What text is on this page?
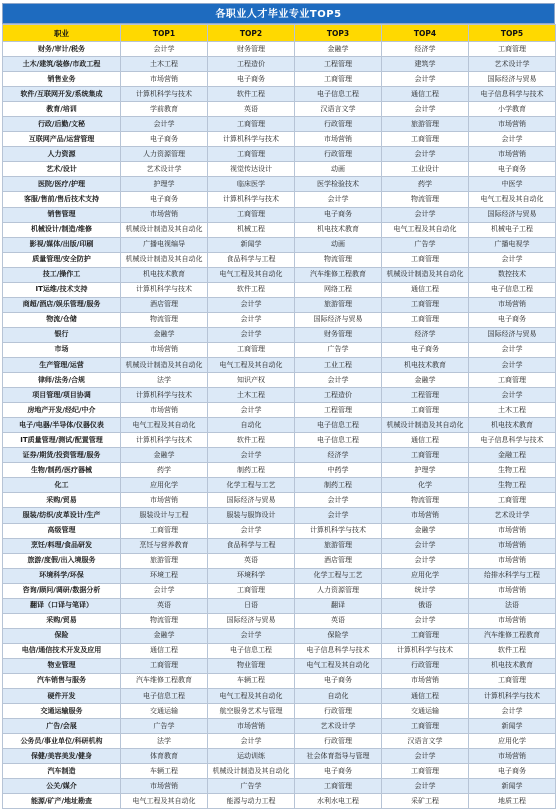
各职业人才毕业专业TOP5
职业	TOP1	TOP2	TOP3	TOP4	TOP5
财务/审计/税务	会计学	财务管理	金融学	经济学	工商管理
土木/建筑/装修/市政工程	土木工程	工程造价	工程管理	建筑学	艺术设计学
销售业务	市场营销	电子商务	工商管理	会计学	国际经济与贸易
软件/互联网开发/系统集成	计算机科学与技术	软件工程	电子信息工程	通信工程	电子信息科学与技术
教育/培训	学前教育	英语	汉语言文学	会计学	小学教育
行政/后勤/文秘	会计学	工商管理	行政管理	旅游管理	市场营销
互联网产品/运营管理	电子商务	计算机科学与技术	市场营销	工商管理	会计学
人力资源	人力资源管理	工商管理	行政管理	会计学	市场营销
艺术/设计	艺术设计学	视觉传达设计	动画	工业设计	电子商务
医院/医疗/护理	护理学	临床医学	医学检验技术	药学	中医学
客服/售前/售后技术支持	电子商务	计算机科学与技术	会计学	物流管理	电气工程及其自动化
销售管理	市场营销	工商管理	电子商务	会计学	国际经济与贸易
机械设计/制造/维修	机械设计制造及其自动化	机械工程	机电技术教育	电气工程及其自动化	机械电子工程
影视/媒体/出版/印刷	广播电视编导	新闻学	动画	广告学	广播电视学
质量管理/安全防护	机械设计制造及其自动化	食品科学与工程	物流管理	工商管理	会计学
技工/操作工	机电技术教育	电气工程及其自动化	汽车维修工程教育	机械设计制造及其自动化	数控技术
IT运维/技术支持	计算机科学与技术	软件工程	网络工程	通信工程	电子信息工程
商超/酒店/娱乐管理/服务	酒店管理	会计学	旅游管理	工商管理	市场营销
物流/仓储	物流管理	会计学	国际经济与贸易	工商管理	电子商务
银行	金融学	会计学	财务管理	经济学	国际经济与贸易
市场	市场营销	工商管理	广告学	电子商务	会计学
生产管理/运营	机械设计制造及其自动化	电气工程及其自动化	工业工程	机电技术教育	会计学
律师/法务/合规	法学	知识产权	会计学	金融学	工商管理
项目管理/项目协调	计算机科学与技术	土木工程	工程造价	工程管理	会计学
房地产开发/经纪/中介	市场营销	会计学	工程管理	工商管理	土木工程
电子/电器/半导体/仪器仪表	电气工程及其自动化	自动化	电子信息工程	机械设计制造及其自动化	机电技术教育
IT质量管理/测试/配置管理	计算机科学与技术	软件工程	电子信息工程	通信工程	电子信息科学与技术
证券/期货/投资管理/服务	金融学	会计学	经济学	工商管理	金融工程
生物/制药/医疗器械	药学	制药工程	中药学	护理学	生物工程
化工	应用化学	化学工程与工艺	制药工程	化学	生物工程
采购/贸易	市场营销	国际经济与贸易	会计学	物流管理	工商管理
服装/纺织/皮革设计/生产	服装设计与工程	服装与服饰设计	会计学	市场营销	艺术设计学
高级管理	工商管理	会计学	计算机科学与技术	金融学	市场营销
烹饪/料理/食品研发	烹饪与营养教育	食品科学与工程	旅游管理	会计学	市场营销
旅游/度假/出入境服务	旅游管理	英语	酒店管理	会计学	市场营销
环境科学/环保	环境工程	环境科学	化学工程与工艺	应用化学	给排水科学与工程
咨询/顾问/调研/数据分析	会计学	工商管理	人力资源管理	统计学	市场营销
翻译（口译与笔译）	英语	日语	翻译	俄语	法语
采购/贸易	物流管理	国际经济与贸易	英语	会计学	市场营销
保险	金融学	会计学	保险学	工商管理	汽车维修工程教育
电信/通信技术开发及应用	通信工程	电子信息工程	电子信息科学与技术	计算机科学与技术	软件工程
物业管理	工商管理	物业管理	电气工程及其自动化	行政管理	机电技术教育
汽车销售与服务	汽车维修工程教育	车辆工程	电子商务	市场营销	工商管理
硬件开发	电子信息工程	电气工程及其自动化	自动化	通信工程	计算机科学与技术
交通运输服务	交通运输	航空服务艺术与管理	行政管理	交通运输	会计学
广告/会展	广告学	市场营销	艺术设计学	工商管理	新闻学
公务员/事业单位/科研机构	法学	会计学	行政管理	汉语言文学	应用化学
保健/美容美发/健身	体育教育	运动训练	社会体育指导与管理	会计学	市场营销
汽车制造	车辆工程	机械设计制造及其自动化	电子商务	工商管理	电子商务
公关/媒介	市场营销	广告学	工商管理	会计学	新闻学
能源/矿产/地址勘查	电气工程及其自动化	能源与动力工程	水利水电工程	采矿工程	地质工程
